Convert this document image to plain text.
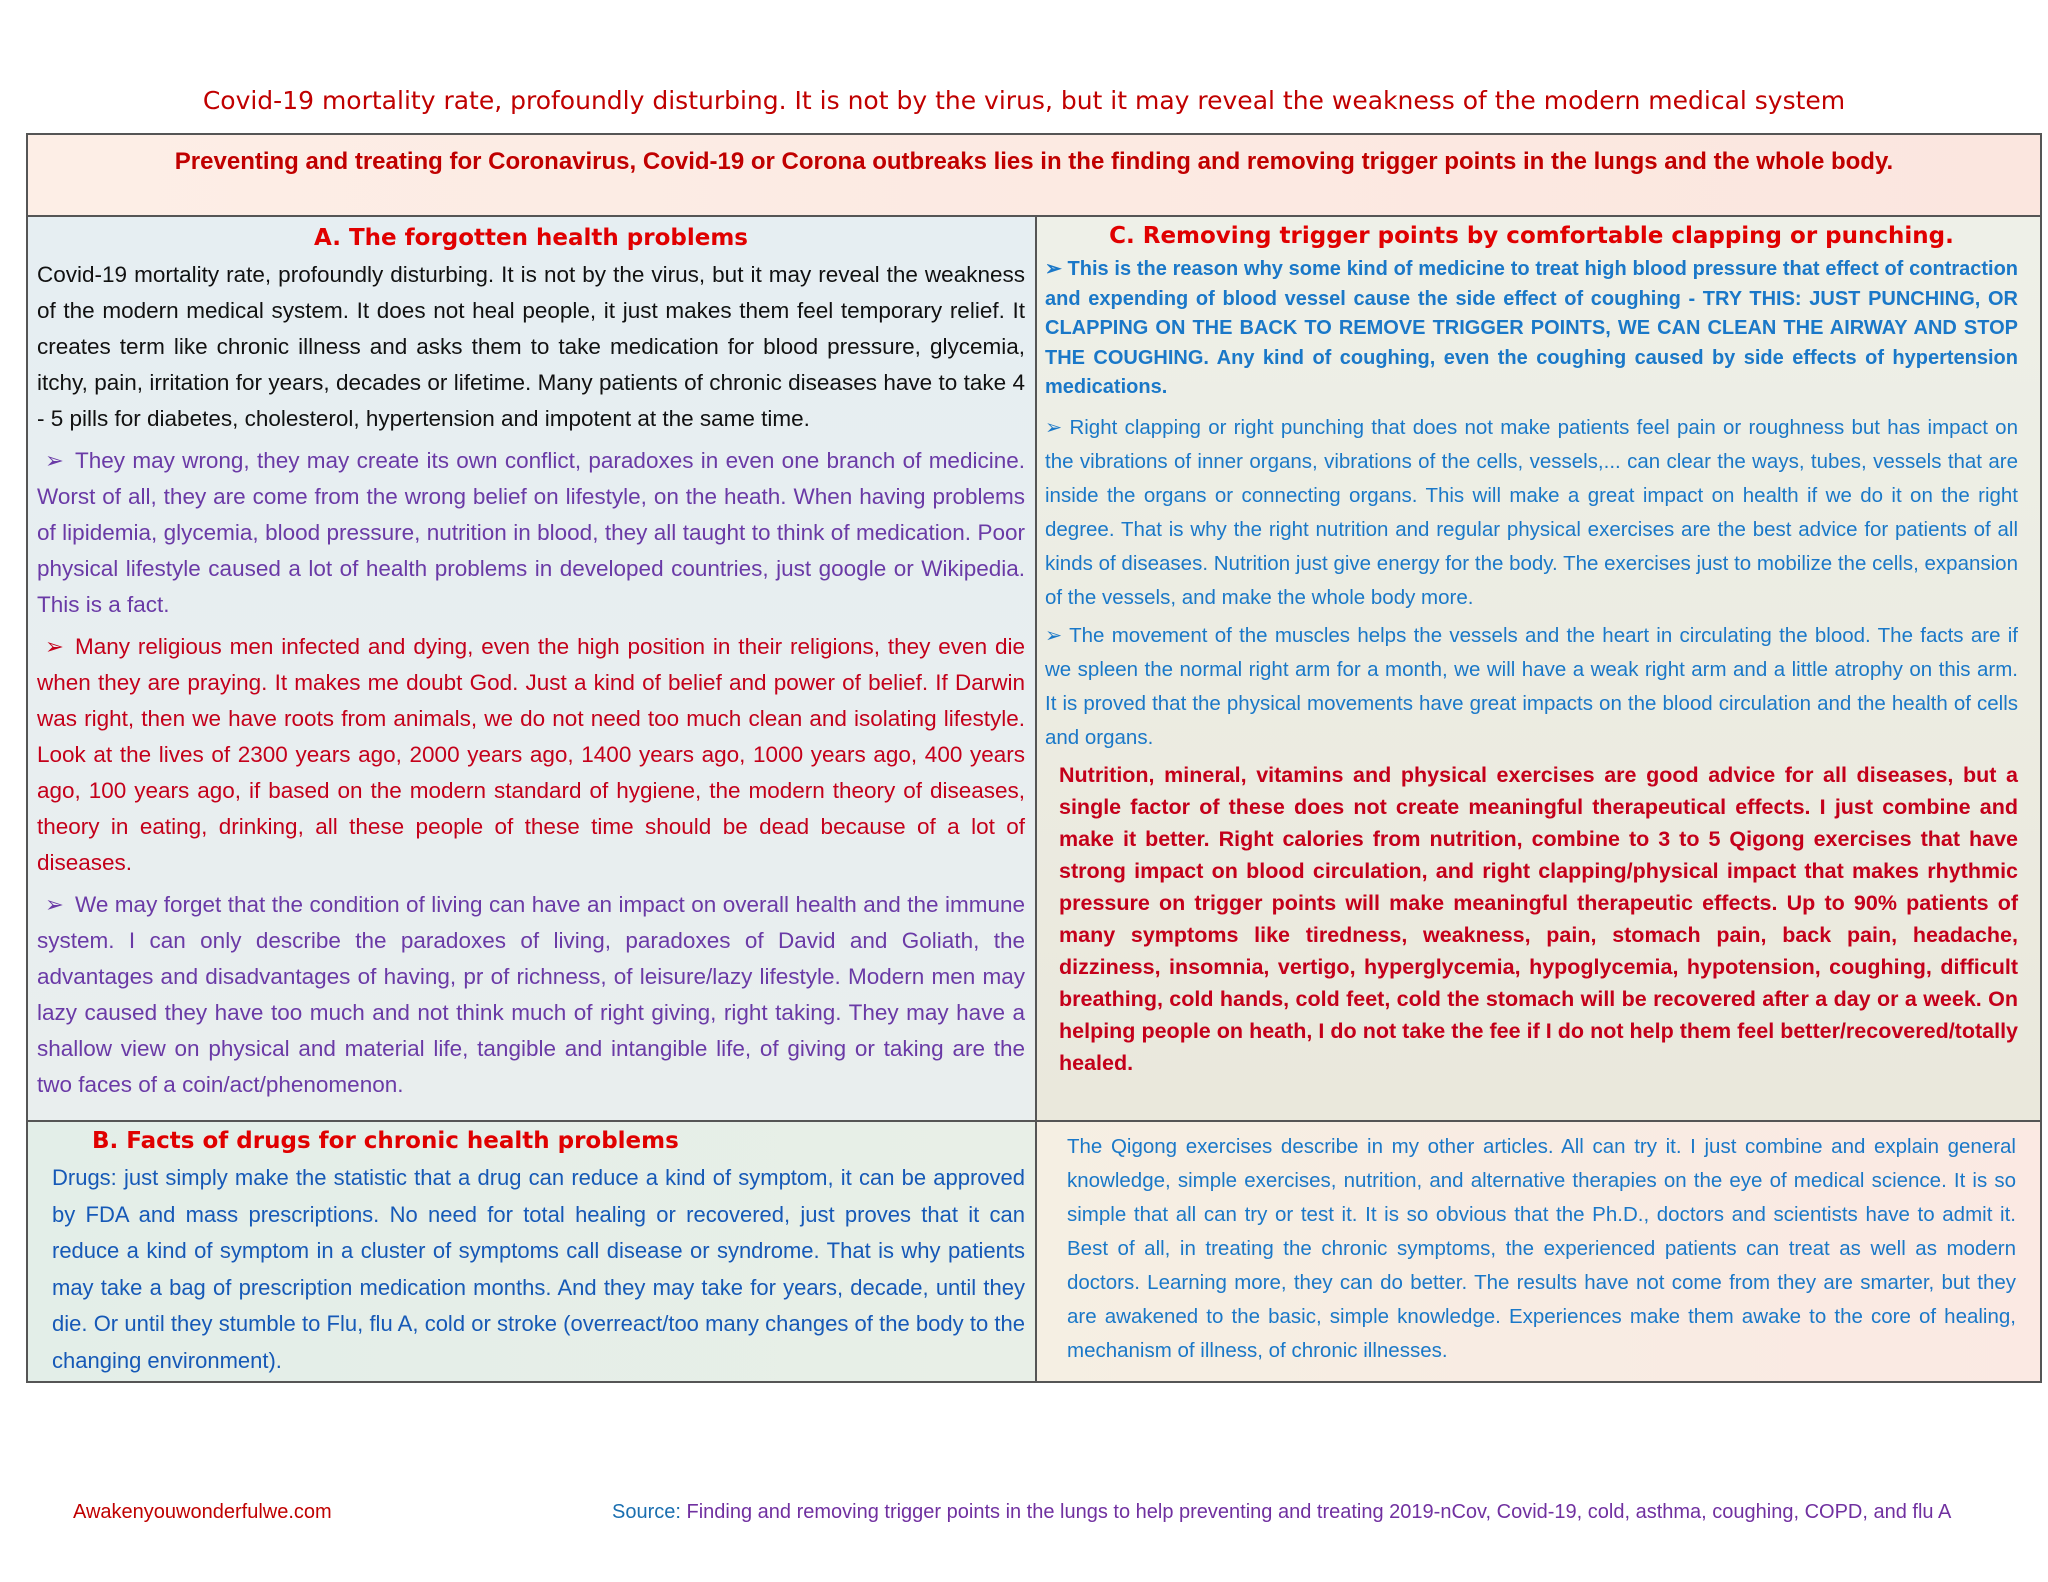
Covid-19 mortality rate, profoundly disturbing. It is not by the virus, but it may reveal the weakness of the modern medical system
Preventing and treating for Coronavirus, Covid-19 or Corona outbreaks lies in the finding and removing trigger points in the lungs and the whole body.
A. The forgotten health problems

Covid-19 mortality rate, profoundly disturbing. It is not by the virus, but it may reveal the weakness of the modern medical system. It does not heal people, it just makes them feel temporary relief. It creates term like chronic illness and asks them to take medication for blood pressure, glycemia, itchy, pain, irritation for years, decades or lifetime. Many patients of chronic diseases have to take 4 - 5 pills for diabetes, cholesterol, hypertension and impotent at the same time.

➢ They may wrong, they may create its own conflict, paradoxes in even one branch of medicine. Worst of all, they are come from the wrong belief on lifestyle, on the heath. When having problems of lipidemia, glycemia, blood pressure, nutrition in blood, they all taught to think of medication. Poor physical lifestyle caused a lot of health problems in developed countries, just google or Wikipedia. This is a fact.

➢ Many religious men infected and dying, even the high position in their religions, they even die when they are praying. It makes me doubt God. Just a kind of belief and power of belief. If Darwin was right, then we have roots from animals, we do not need too much clean and isolating lifestyle. Look at the lives of 2300 years ago, 2000 years ago, 1400 years ago, 1000 years ago, 400 years ago, 100 years ago, if based on the modern standard of hygiene, the modern theory of diseases, theory in eating, drinking, all these people of these time should be dead because of a lot of diseases.

➢ We may forget that the condition of living can have an impact on overall health and the immune system. I can only describe the paradoxes of living, paradoxes of David and Goliath, the advantages and disadvantages of having, pr of richness, of leisure/lazy lifestyle. Modern men may lazy caused they have too much and not think much of right giving, right taking. They may have a shallow view on physical and material life, tangible and intangible life, of giving or taking are the two faces of a coin/act/phenomenon.

C. Removing trigger points by comfortable clapping or punching.

➢ This is the reason why some kind of medicine to treat high blood pressure that effect of contraction and expending of blood vessel cause the side effect of coughing - TRY THIS: JUST PUNCHING, OR CLAPPING ON THE BACK TO REMOVE TRIGGER POINTS, WE CAN CLEAN THE AIRWAY AND STOP THE COUGHING. Any kind of coughing, even the coughing caused by side effects of hypertension medications.

➢ Right clapping or right punching that does not make patients feel pain or roughness but has impact on the vibrations of inner organs, vibrations of the cells, vessels,... can clear the ways, tubes, vessels that are inside the organs or connecting organs. This will make a great impact on health if we do it on the right degree. That is why the right nutrition and regular physical exercises are the best advice for patients of all kinds of diseases. Nutrition just give energy for the body. The exercises just to mobilize the cells, expansion of the vessels, and make the whole body more.

➢ The movement of the muscles helps the vessels and the heart in circulating the blood. The facts are if we spleen the normal right arm for a month, we will have a weak right arm and a little atrophy on this arm. It is proved that the physical movements have great impacts on the blood circulation and the health of cells and organs.

Nutrition, mineral, vitamins and physical exercises are good advice for all diseases, but a single factor of these does not create meaningful therapeutical effects. I just combine and make it better. Right calories from nutrition, combine to 3 to 5 Qigong exercises that have strong impact on blood circulation, and right clapping/physical impact that makes rhythmic pressure on trigger points will make meaningful therapeutic effects. Up to 90% patients of many symptoms like tiredness, weakness, pain, stomach pain, back pain, headache, dizziness, insomnia, vertigo, hyperglycemia, hypoglycemia, hypotension, coughing, difficult breathing, cold hands, cold feet, cold the stomach will be recovered after a day or a week. On helping people on heath, I do not take the fee if I do not help them feel better/recovered/totally healed.

B. Facts of drugs for chronic health problems

Drugs: just simply make the statistic that a drug can reduce a kind of symptom, it can be approved by FDA and mass prescriptions. No need for total healing or recovered, just proves that it can reduce a kind of symptom in a cluster of symptoms call disease or syndrome. That is why patients may take a bag of prescription medication months. And they may take for years, decade, until they die. Or until they stumble to Flu, flu A, cold or stroke (overreact/too many changes of the body to the changing environment).

The Qigong exercises describe in my other articles. All can try it. I just combine and explain general knowledge, simple exercises, nutrition, and alternative therapies on the eye of medical science. It is so simple that all can try or test it. It is so obvious that the Ph.D., doctors and scientists have to admit it. Best of all, in treating the chronic symptoms, the experienced patients can treat as well as modern doctors. Learning more, they can do better. The results have not come from they are smarter, but they are awakened to the basic, simple knowledge. Experiences make them awake to the core of healing, mechanism of illness, of chronic illnesses.

Awakenyouwonderfulwe.com	Source: Finding and removing trigger points in the lungs to help preventing and treating 2019-nCov, Covid-19, cold, asthma, coughing, COPD, and flu A
